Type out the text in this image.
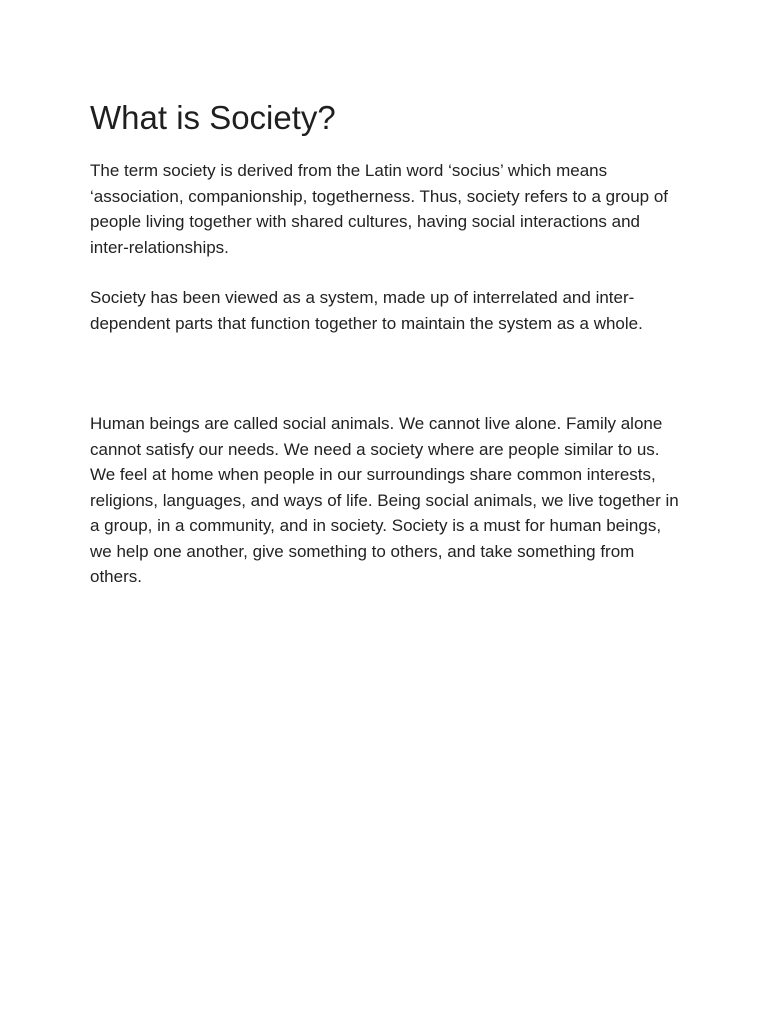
What is Society?

The term society is derived from the Latin word ‘socius’ which means ‘association, companionship, togetherness. Thus, society refers to a group of people living together with shared cultures, having social interactions and inter-relationships.

Society has been viewed as a system, made up of interrelated and inter-dependent parts that function together to maintain the system as a whole.

Human beings are called social animals. We cannot live alone. Family alone cannot satisfy our needs. We need a society where are people similar to us. We feel at home when people in our surroundings share common interests, religions, languages, and ways of life. Being social animals, we live together in a group, in a community, and in society. Society is a must for human beings, we help one another, give something to others, and take something from others.
